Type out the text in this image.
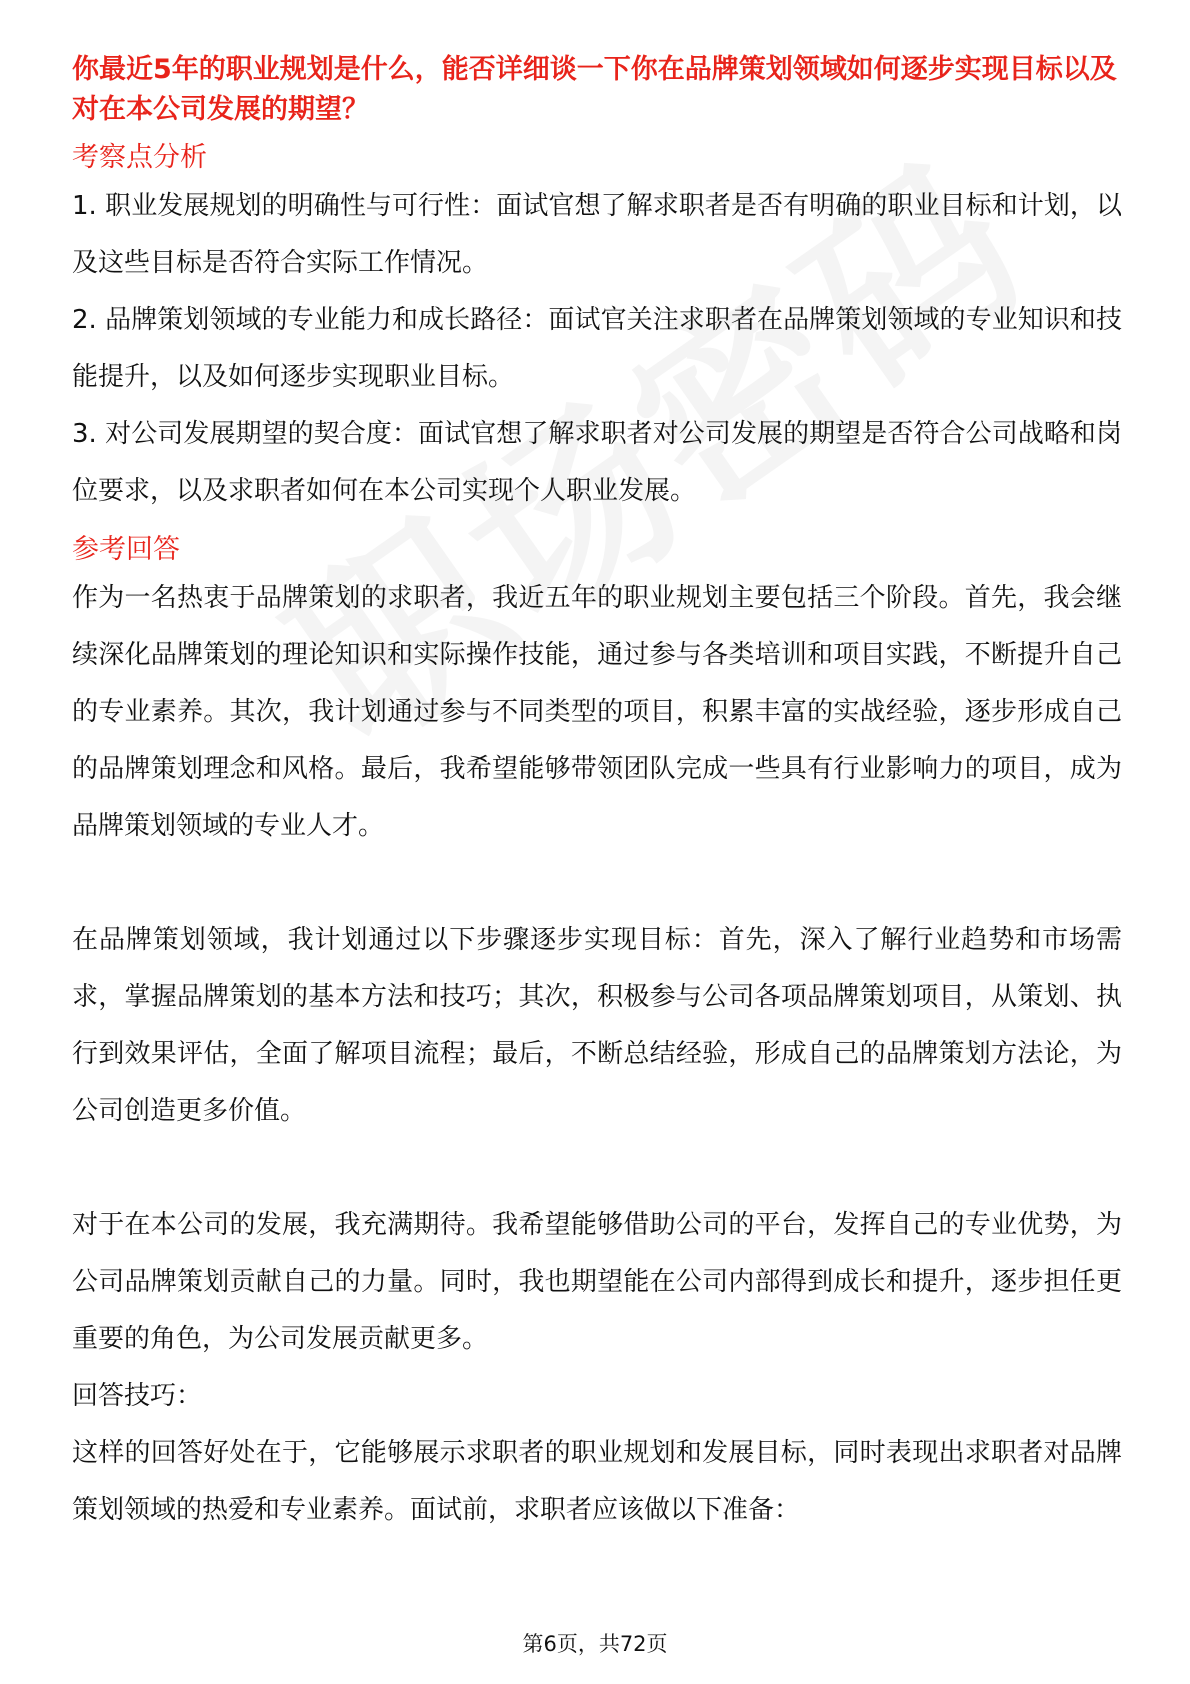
你最近5年的职业规划是什么，能否详细谈一下你在品牌策划领域如何逐步实现目标以及对在本公司发展的期望？

考察点分析

1. 职业发展规划的明确性与可行性：面试官想了解求职者是否有明确的职业目标和计划，以及这些目标是否符合实际工作情况。

2. 品牌策划领域的专业能力和成长路径：面试官关注求职者在品牌策划领域的专业知识和技能提升，以及如何逐步实现职业目标。

3. 对公司发展期望的契合度：面试官想了解求职者对公司发展的期望是否符合公司战略和岗位要求，以及求职者如何在本公司实现个人职业发展。

参考回答

作为一名热衷于品牌策划的求职者，我近五年的职业规划主要包括三个阶段。首先，我会继续深化品牌策划的理论知识和实际操作技能，通过参与各类培训和项目实践，不断提升自己的专业素养。其次，我计划通过参与不同类型的项目，积累丰富的实战经验，逐步形成自己的品牌策划理念和风格。最后，我希望能够带领团队完成一些具有行业影响力的项目，成为品牌策划领域的专业人才。

在品牌策划领域，我计划通过以下步骤逐步实现目标：首先，深入了解行业趋势和市场需求，掌握品牌策划的基本方法和技巧；其次，积极参与公司各项品牌策划项目，从策划、执行到效果评估，全面了解项目流程；最后，不断总结经验，形成自己的品牌策划方法论，为公司创造更多价值。

对于在本公司的发展，我充满期待。我希望能够借助公司的平台，发挥自己的专业优势，为公司品牌策划贡献自己的力量。同时，我也期望能在公司内部得到成长和提升，逐步担任更重要的角色，为公司发展贡献更多。

回答技巧：

这样的回答好处在于，它能够展示求职者的职业规划和发展目标，同时表现出求职者对品牌策划领域的热爱和专业素养。面试前，求职者应该做以下准备：

第6页，共72页
